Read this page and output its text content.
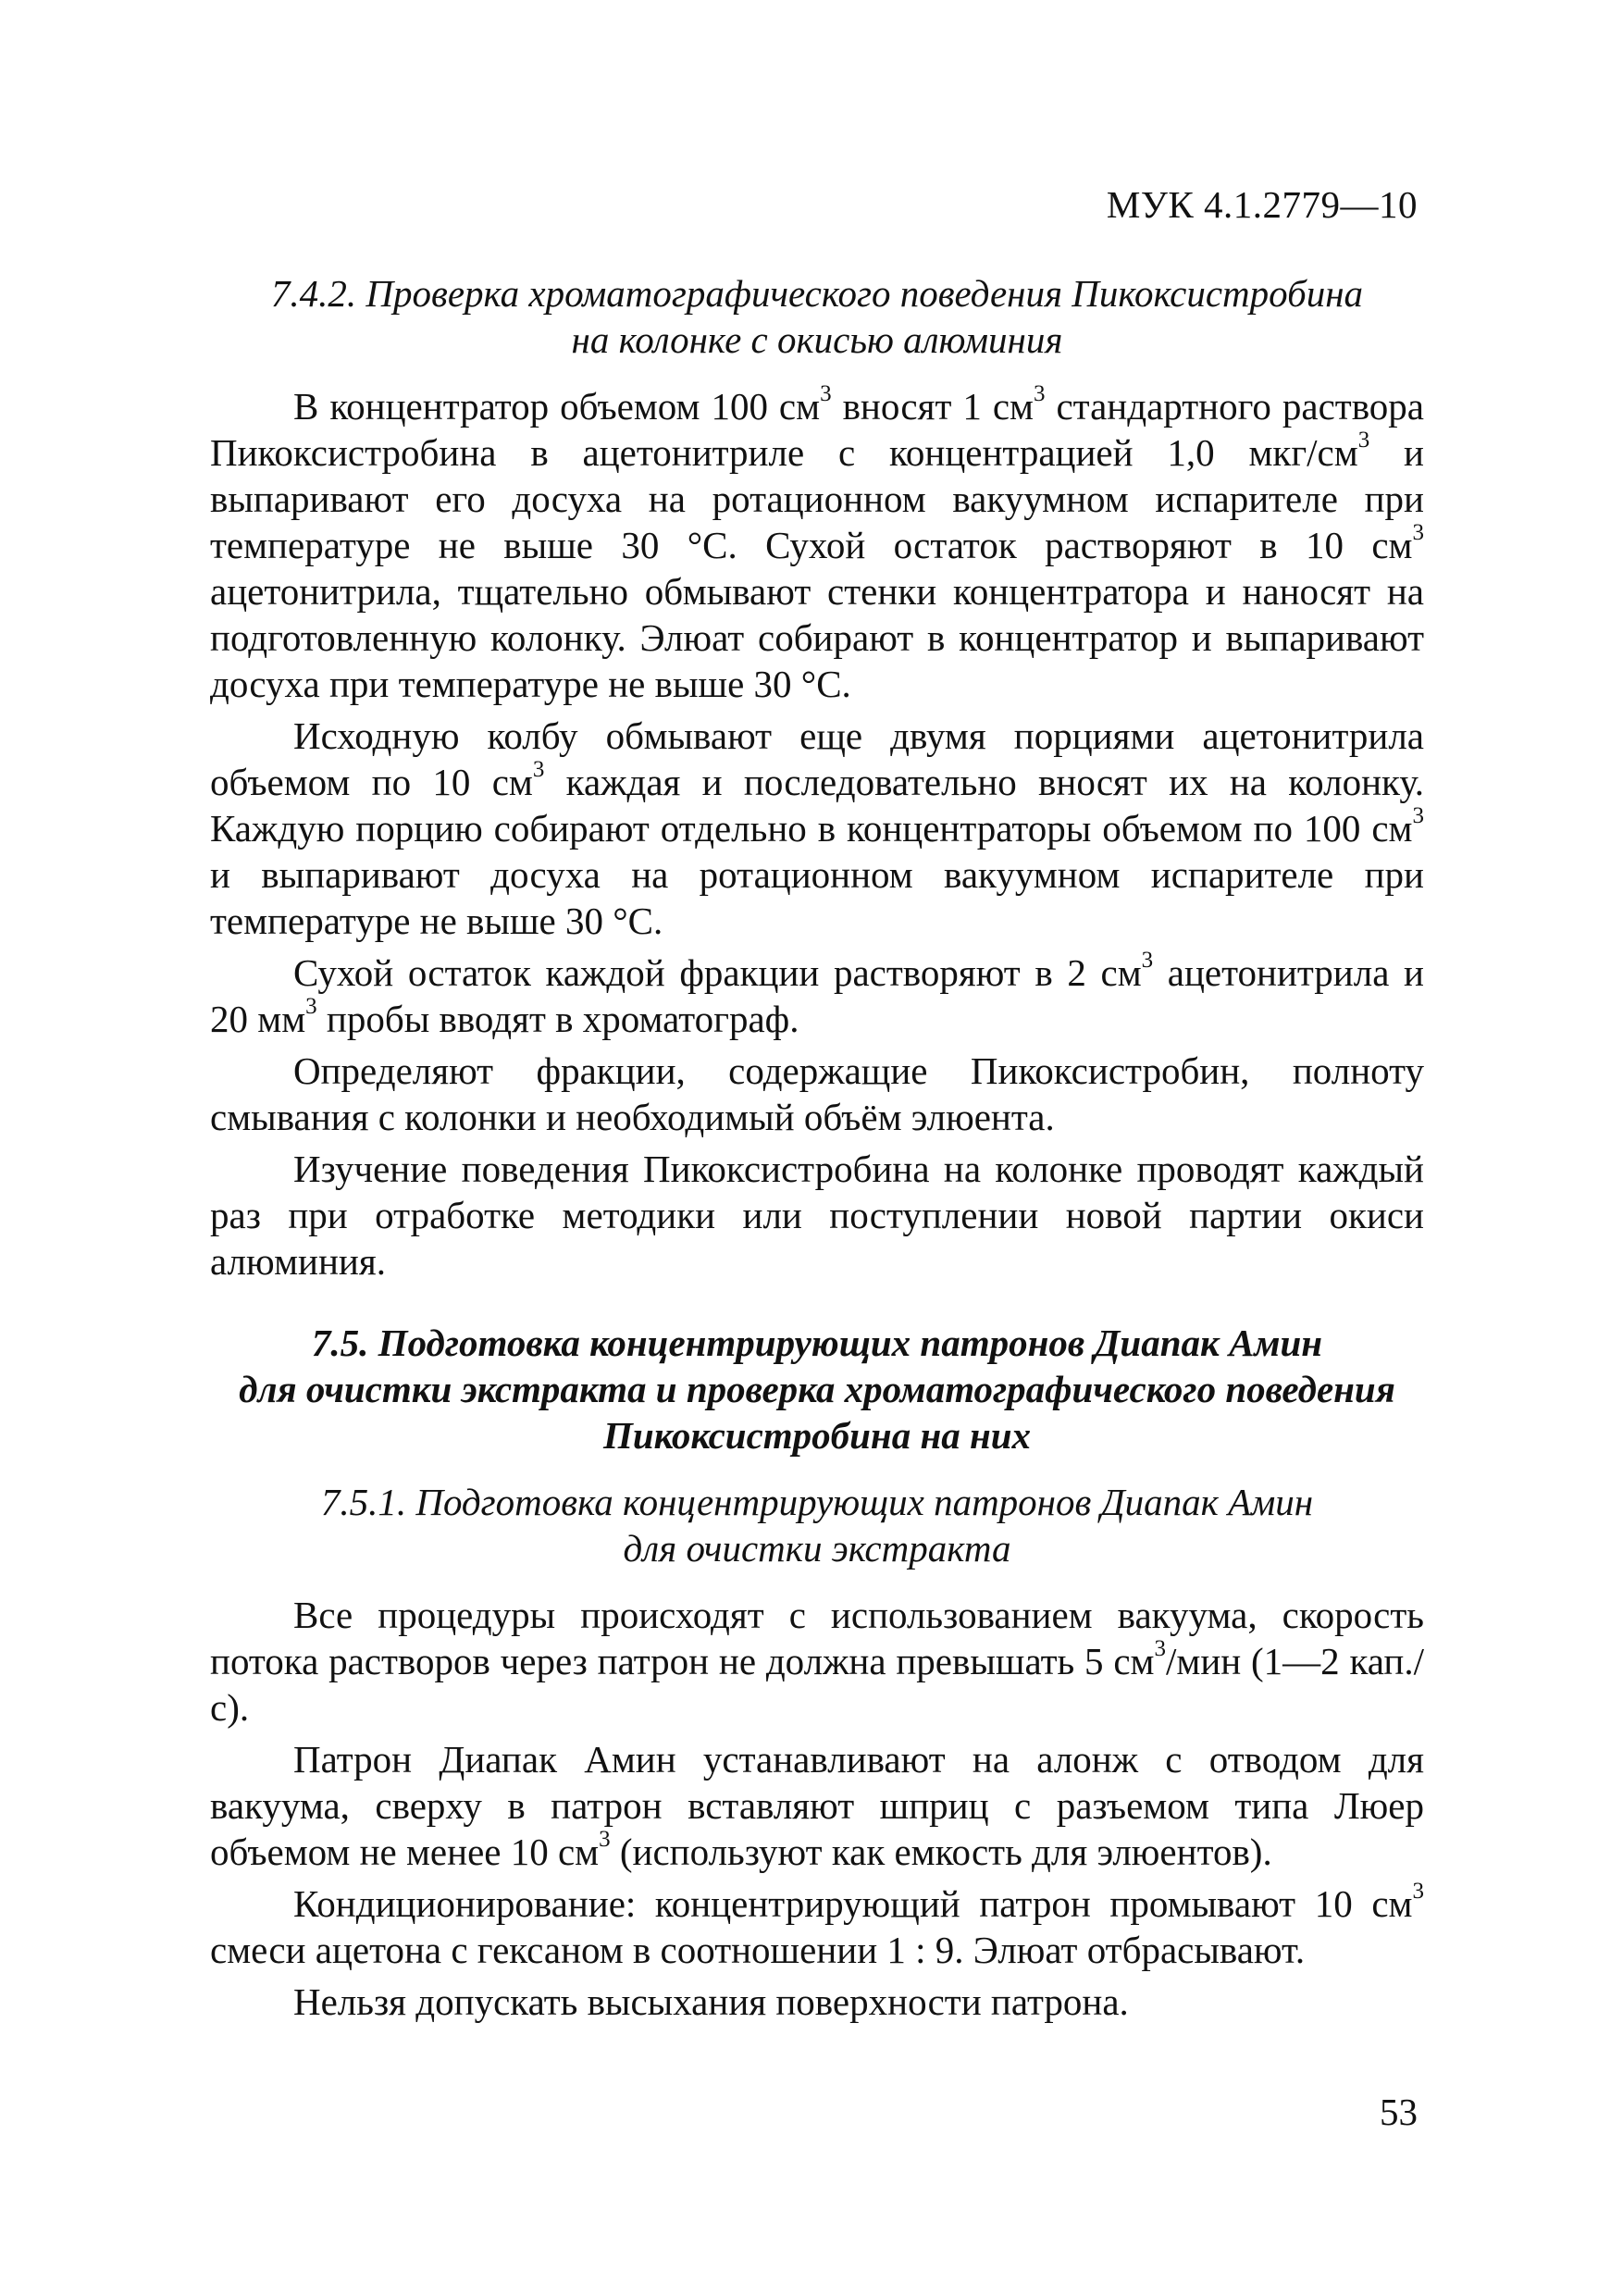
МУК 4.1.2779—10
7.4.2. Проверка хроматографического поведения Пикоксистробина
на колонке с окисью алюминия

В концентратор объемом 100 $см^3$ вносят 1 $см^3$ стандартного раствора Пикоксистробина в ацетонитриле с концентрацией 1,0 мкг/$см^3$ и выпаривают его досуха на ротационном вакуумном испарителе при температуре не выше 30 °С. Сухой остаток растворяют в 10 $см^3$ ацетонитрила, тщательно обмывают стенки концентратора и наносят на подготовленную колонку. Элюат собирают в концентратор и выпаривают досуха при температуре не выше 30 °С.

Исходную колбу обмывают еще двумя порциями ацетонитрила объемом по 10 $см^3$ каждая и последовательно вносят их на колонку. Каждую порцию собирают отдельно в концентраторы объемом по 100 $см^3$ и выпаривают досуха на ротационном вакуумном испарителе при температуре не выше 30 °С.

Сухой остаток каждой фракции растворяют в 2 $см^3$ ацетонитрила и 20 $мм^3$ пробы вводят в хроматограф.

Определяют фракции, содержащие Пикоксистробин, полноту смывания с колонки и необходимый объём элюента.

Изучение поведения Пикоксистробина на колонке проводят каждый раз при отработке методики или поступлении новой партии окиси алюминия.

7.5. Подготовка концентрирующих патронов Диапак Амин
для очистки экстракта и проверка хроматографического поведения
Пикоксистробина на них
7.5.1. Подготовка концентрирующих патронов Диапак Амин
для очистки экстракта

Все процедуры происходят с использованием вакуума, скорость потока растворов через патрон не должна превышать 5 $см^3$/мин (1—2 кап./с).

Патрон Диапак Амин устанавливают на алонж с отводом для вакуума, сверху в патрон вставляют шприц с разъемом типа Люер объемом не менее 10 $см^3$ (используют как емкость для элюентов).

Кондиционирование: концентрирующий патрон промывают 10 $см^3$ смеси ацетона с гексаном в соотношении 1 : 9. Элюат отбрасывают.

Нельзя допускать высыхания поверхности патрона.

53
